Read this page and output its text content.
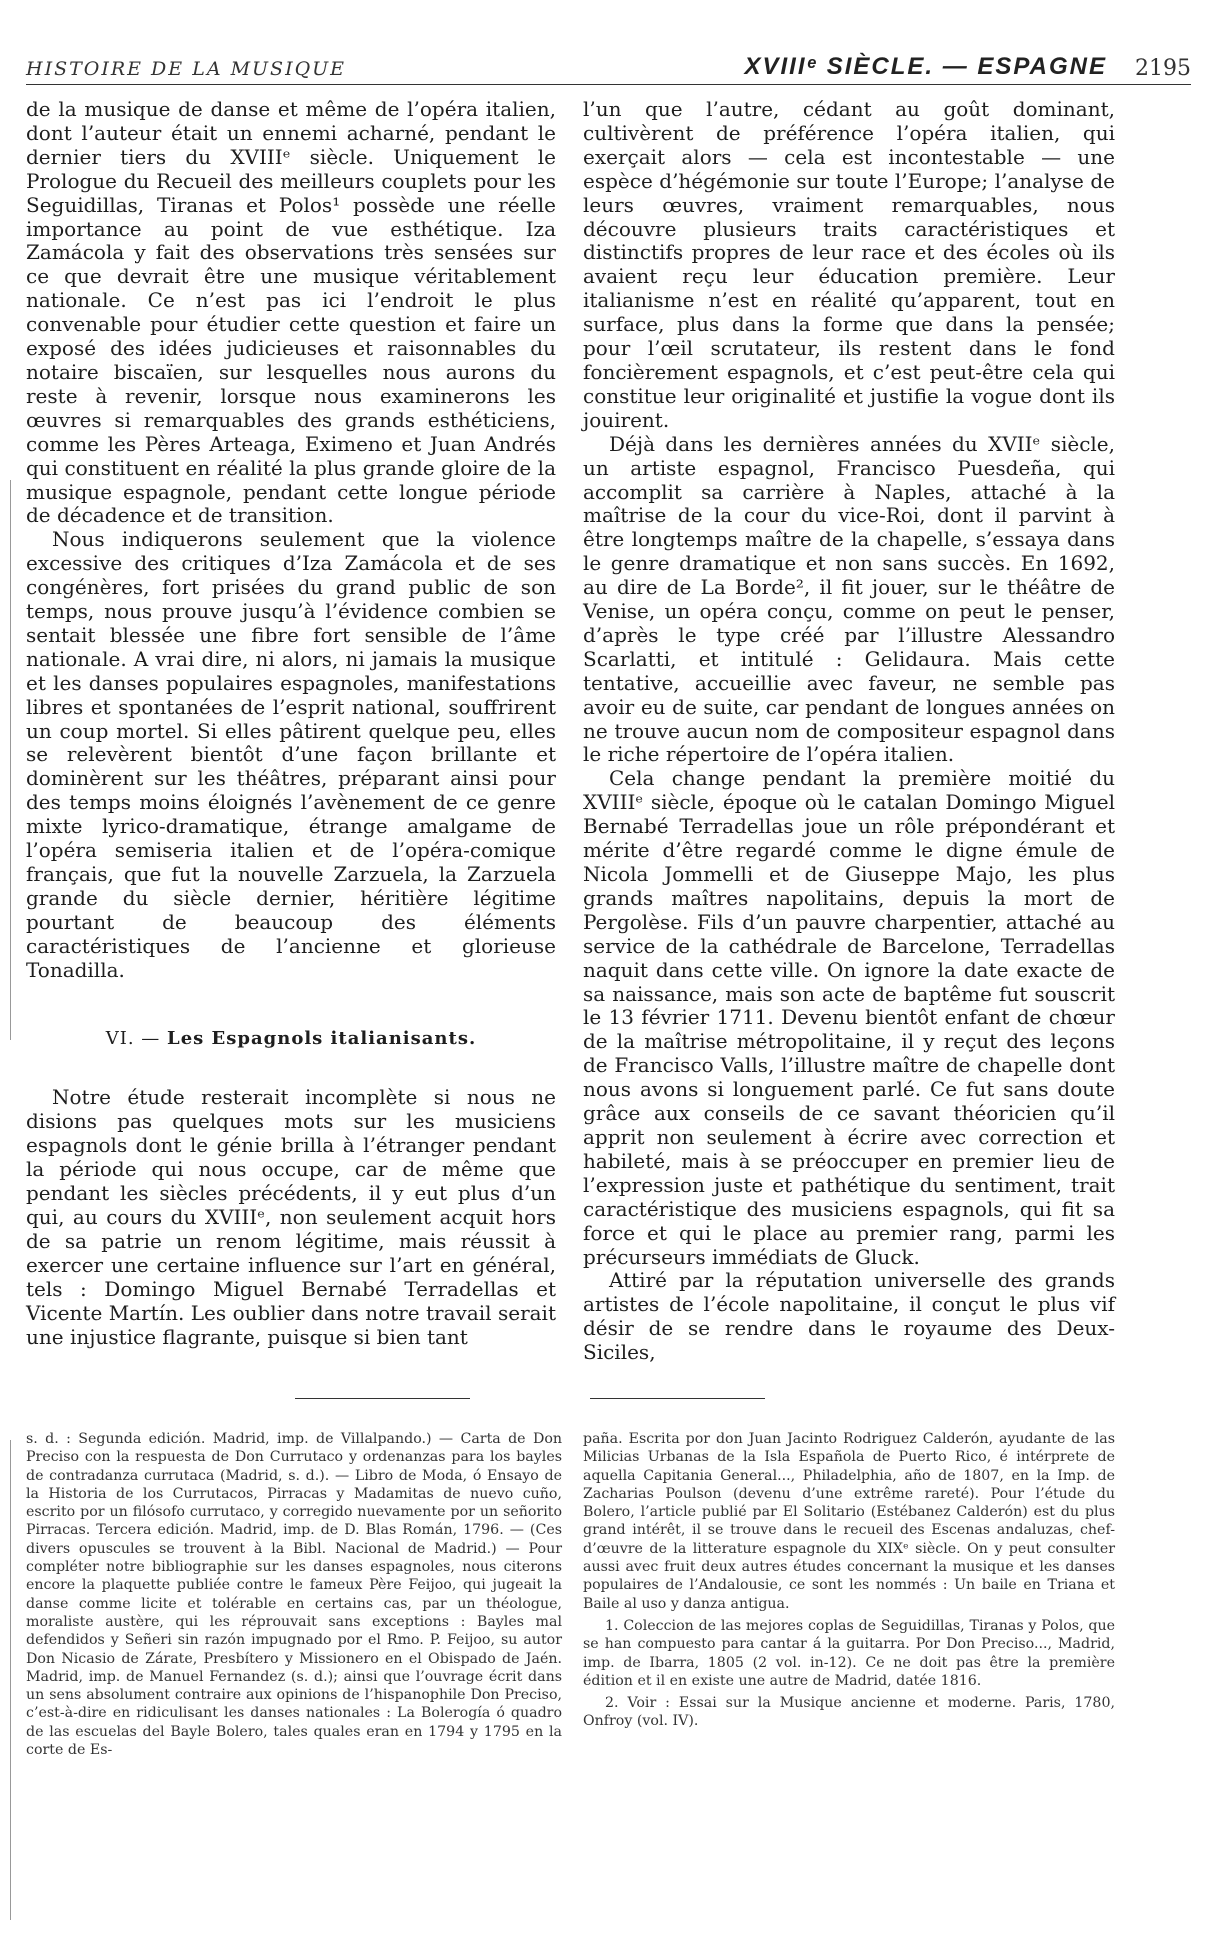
HISTOIRE DE LA MUSIQUE	XVIIIᵉ SIÈCLE. — ESPAGNE 2195

de la musique de danse et même de l’opéra italien, dont l’auteur était un ennemi acharné, pendant le dernier tiers du XVIIIᵉ siècle. Uniquement le Prologue du Recueil des meilleurs couplets pour les Seguidillas, Tiranas et Polos¹ possède une réelle importance au point de vue esthétique. Iza Zamácola y fait des observations très sensées sur ce que devrait être une musique véritablement nationale. Ce n’est pas ici l’endroit le plus convenable pour étudier cette question et faire un exposé des idées judicieuses et raisonnables du notaire biscaïen, sur lesquelles nous aurons du reste à revenir, lorsque nous examinerons les œuvres si remarquables des grands esthéticiens, comme les Pères Arteaga, Eximeno et Juan Andrés qui constituent en réalité la plus grande gloire de la musique espagnole, pendant cette longue période de décadence et de transition.

Nous indiquerons seulement que la violence excessive des critiques d’Iza Zamácola et de ses congénères, fort prisées du grand public de son temps, nous prouve jusqu’à l’évidence combien se sentait blessée une fibre fort sensible de l’âme nationale. A vrai dire, ni alors, ni jamais la musique et les danses populaires espagnoles, manifestations libres et spontanées de l’esprit national, souffrirent un coup mortel. Si elles pâtirent quelque peu, elles se relevèrent bientôt d’une façon brillante et dominèrent sur les théâtres, préparant ainsi pour des temps moins éloignés l’avènement de ce genre mixte lyrico-dramatique, étrange amalgame de l’opéra semiseria italien et de l’opéra-comique français, que fut la nouvelle Zarzuela, la Zarzuela grande du siècle dernier, héritière légitime pourtant de beaucoup des éléments caractéristiques de l’ancienne et glorieuse Tonadilla.

VI. — Les Espagnols italianisants.

Notre étude resterait incomplète si nous ne disions pas quelques mots sur les musiciens espagnols dont le génie brilla à l’étranger pendant la période qui nous occupe, car de même que pendant les siècles précédents, il y eut plus d’un qui, au cours du XVIIIᵉ, non seulement acquit hors de sa patrie un renom légitime, mais réussit à exercer une certaine influence sur l’art en général, tels : Domingo Miguel Bernabé Terradellas et Vicente Martín. Les oublier dans notre travail serait une injustice flagrante, puisque si bien tant

l’un que l’autre, cédant au goût dominant, cultivèrent de préférence l’opéra italien, qui exerçait alors — cela est incontestable — une espèce d’hégémonie sur toute l’Europe; l’analyse de leurs œuvres, vraiment remarquables, nous découvre plusieurs traits caractéristiques et distinctifs propres de leur race et des écoles où ils avaient reçu leur éducation première. Leur italianisme n’est en réalité qu’apparent, tout en surface, plus dans la forme que dans la pensée; pour l’œil scrutateur, ils restent dans le fond foncièrement espagnols, et c’est peut-être cela qui constitue leur originalité et justifie la vogue dont ils jouirent.

Déjà dans les dernières années du XVIIᵉ siècle, un artiste espagnol, Francisco Puesdeña, qui accomplit sa carrière à Naples, attaché à la maîtrise de la cour du vice-Roi, dont il parvint à être longtemps maître de la chapelle, s’essaya dans le genre dramatique et non sans succès. En 1692, au dire de La Borde², il fit jouer, sur le théâtre de Venise, un opéra conçu, comme on peut le penser, d’après le type créé par l’illustre Alessandro Scarlatti, et intitulé : Gelidaura. Mais cette tentative, accueillie avec faveur, ne semble pas avoir eu de suite, car pendant de longues années on ne trouve aucun nom de compositeur espagnol dans le riche répertoire de l’opéra italien.

Cela change pendant la première moitié du XVIIIᵉ siècle, époque où le catalan Domingo Miguel Bernabé Terradellas joue un rôle prépondérant et mérite d’être regardé comme le digne émule de Nicola Jommelli et de Giuseppe Majo, les plus grands maîtres napolitains, depuis la mort de Pergolèse. Fils d’un pauvre charpentier, attaché au service de la cathédrale de Barcelone, Terradellas naquit dans cette ville. On ignore la date exacte de sa naissance, mais son acte de baptême fut souscrit le 13 février 1711. Devenu bientôt enfant de chœur de la maîtrise métropolitaine, il y reçut des leçons de Francisco Valls, l’illustre maître de chapelle dont nous avons si longuement parlé. Ce fut sans doute grâce aux conseils de ce savant théoricien qu’il apprit non seulement à écrire avec correction et habileté, mais à se préoccuper en premier lieu de l’expression juste et pathétique du sentiment, trait caractéristique des musiciens espagnols, qui fit sa force et qui le place au premier rang, parmi les précurseurs immédiats de Gluck.

Attiré par la réputation universelle des grands artistes de l’école napolitaine, il conçut le plus vif désir de se rendre dans le royaume des Deux-Siciles,

s. d. : Segunda edición. Madrid, imp. de Villalpando.) — Carta de Don Preciso con la respuesta de Don Currutaco y ordenanzas para los bayles de contradanza currutaca (Madrid, s. d.). — Libro de Moda, ó Ensayo de la Historia de los Currutacos, Pirracas y Madamitas de nuevo cuño, escrito por un filósofo currutaco, y corregido nuevamente por un señorito Pirracas. Tercera edición. Madrid, imp. de D. Blas Román, 1796. — (Ces divers opuscules se trouvent à la Bibl. Nacional de Madrid.) — Pour compléter notre bibliographie sur les danses espagnoles, nous citerons encore la plaquette publiée contre le fameux Père Feijoo, qui jugeait la danse comme licite et tolérable en certains cas, par un théologue, moraliste austère, qui les réprouvait sans exceptions : Bayles mal defendidos y Señeri sin razón impugnado por el Rmo. P. Feijoo, su autor Don Nicasio de Zárate, Presbítero y Missionero en el Obispado de Jaén. Madrid, imp. de Manuel Fernandez (s. d.); ainsi que l’ouvrage écrit dans un sens absolument contraire aux opinions de l’hispanophile Don Preciso, c’est-à-dire en ridiculisant les danses nationales : La Bolerogía ó quadro de las escuelas del Bayle Bolero, tales quales eran en 1794 y 1795 en la corte de Es-

paña. Escrita por don Juan Jacinto Rodriguez Calderón, ayudante de las Milicias Urbanas de la Isla Española de Puerto Rico, é intérprete de aquella Capitania General..., Philadelphia, año de 1807, en la Imp. de Zacharias Poulson (devenu d’une extrême rareté). Pour l’étude du Bolero, l’article publié par El Solitario (Estébanez Calderón) est du plus grand intérêt, il se trouve dans le recueil des Escenas andaluzas, chef-d’œuvre de la litterature espagnole du XIXᵉ siècle. On y peut consulter aussi avec fruit deux autres études concernant la musique et les danses populaires de l’Andalousie, ce sont les nommés : Un baile en Triana et Baile al uso y danza antigua.

1. Coleccion de las mejores coplas de Seguidillas, Tiranas y Polos, que se han compuesto para cantar á la guitarra. Por Don Preciso..., Madrid, imp. de Ibarra, 1805 (2 vol. in-12). Ce ne doit pas être la première édition et il en existe une autre de Madrid, datée 1816.

2. Voir : Essai sur la Musique ancienne et moderne. Paris, 1780, Onfroy (vol. IV).
